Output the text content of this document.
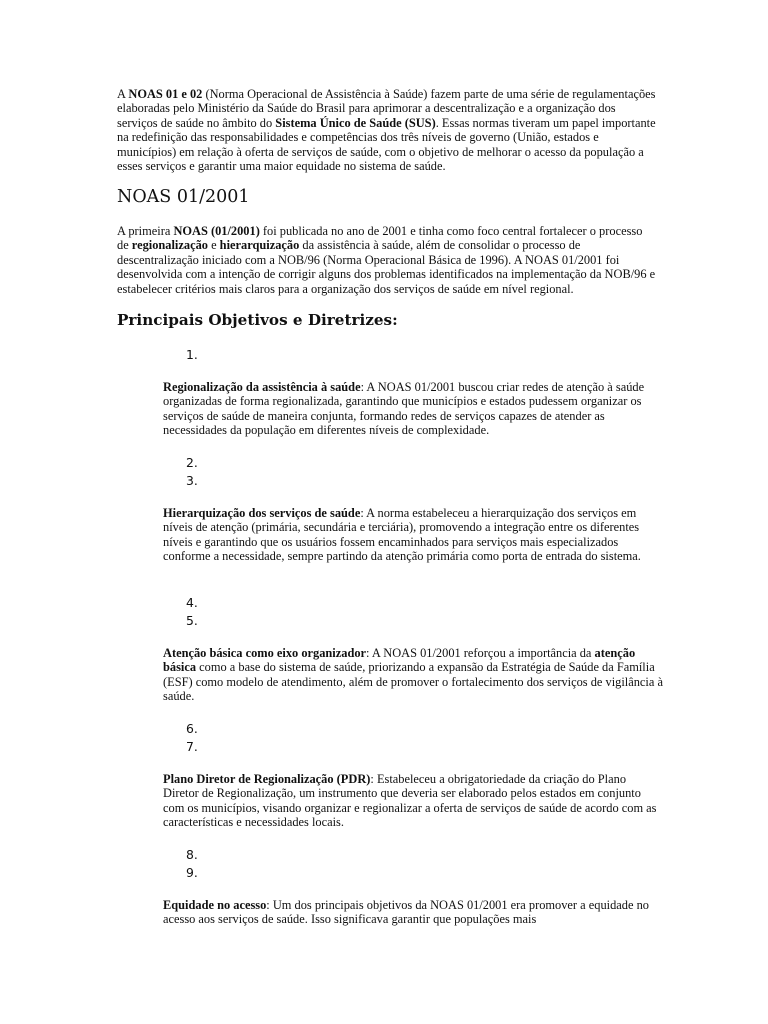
A NOAS 01 e 02 (Norma Operacional de Assistência à Saúde) fazem parte de uma série de regulamentações elaboradas pelo Ministério da Saúde do Brasil para aprimorar a descentralização e a organização dos serviços de saúde no âmbito do Sistema Único de Saúde (SUS). Essas normas tiveram um papel importante na redefinição das responsabilidades e competências dos três níveis de governo (União, estados e municípios) em relação à oferta de serviços de saúde, com o objetivo de melhorar o acesso da população a esses serviços e garantir uma maior equidade no sistema de saúde.

NOAS 01/2001

A primeira NOAS (01/2001) foi publicada no ano de 2001 e tinha como foco central fortalecer o processo de regionalização e hierarquização da assistência à saúde, além de consolidar o processo de descentralização iniciado com a NOB/96 (Norma Operacional Básica de 1996). A NOAS 01/2001 foi desenvolvida com a intenção de corrigir alguns dos problemas identificados na implementação da NOB/96 e estabelecer critérios mais claros para a organização dos serviços de saúde em nível regional.

Principais Objetivos e Diretrizes:

1.

Regionalização da assistência à saúde: A NOAS 01/2001 buscou criar redes de atenção à saúde organizadas de forma regionalizada, garantindo que municípios e estados pudessem organizar os serviços de saúde de maneira conjunta, formando redes de serviços capazes de atender as necessidades da população em diferentes níveis de complexidade.

2.

3.

Hierarquização dos serviços de saúde: A norma estabeleceu a hierarquização dos serviços em níveis de atenção (primária, secundária e terciária), promovendo a integração entre os diferentes níveis e garantindo que os usuários fossem encaminhados para serviços mais especializados conforme a necessidade, sempre partindo da atenção primária como porta de entrada do sistema.

4.

5.

Atenção básica como eixo organizador: A NOAS 01/2001 reforçou a importância da atenção básica como a base do sistema de saúde, priorizando a expansão da Estratégia de Saúde da Família (ESF) como modelo de atendimento, além de promover o fortalecimento dos serviços de vigilância à saúde.

6.

7.

Plano Diretor de Regionalização (PDR): Estabeleceu a obrigatoriedade da criação do Plano Diretor de Regionalização, um instrumento que deveria ser elaborado pelos estados em conjunto com os municípios, visando organizar e regionalizar a oferta de serviços de saúde de acordo com as características e necessidades locais.

8.

9.

Equidade no acesso: Um dos principais objetivos da NOAS 01/2001 era promover a equidade no acesso aos serviços de saúde. Isso significava garantir que populações mais
